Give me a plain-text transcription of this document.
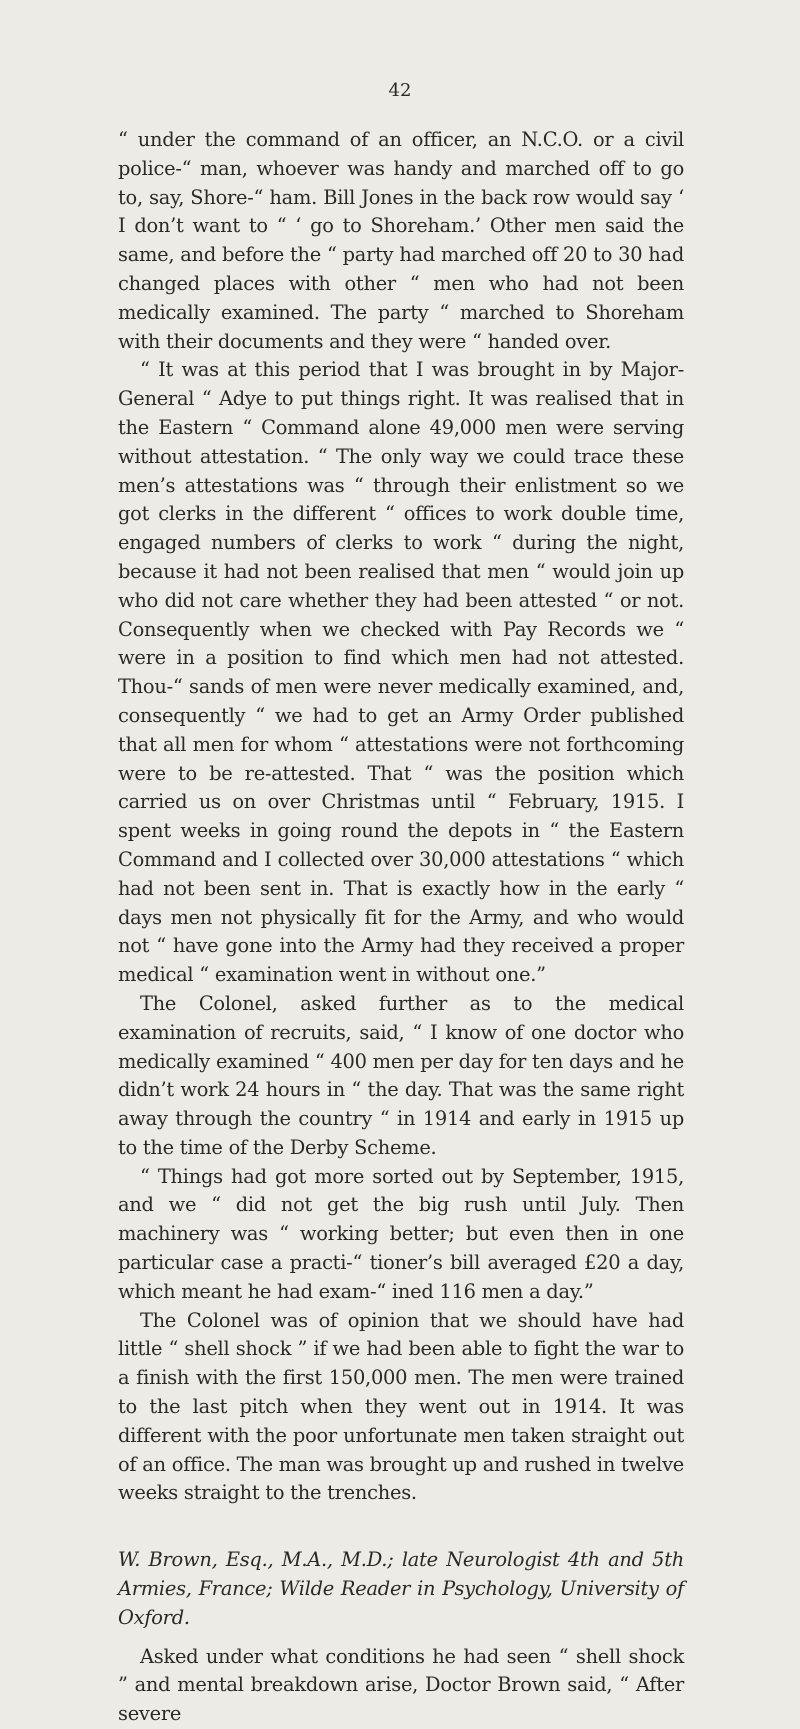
42

“ under the command of an officer, an N.C.O. or a civil police-“ man, whoever was handy and marched off to go to, say, Shore-“ ham. Bill Jones in the back row would say ‘ I don’t want to “ ‘ go to Shoreham.’ Other men said the same, and before the “ party had marched off 20 to 30 had changed places with other “ men who had not been medically examined. The party “ marched to Shoreham with their documents and they were “ handed over.

“ It was at this period that I was brought in by Major-General “ Adye to put things right. It was realised that in the Eastern “ Command alone 49,000 men were serving without attestation. “ The only way we could trace these men’s attestations was “ through their enlistment so we got clerks in the different “ offices to work double time, engaged numbers of clerks to work “ during the night, because it had not been realised that men “ would join up who did not care whether they had been attested “ or not. Consequently when we checked with Pay Records we “ were in a position to find which men had not attested. Thou-“ sands of men were never medically examined, and, consequently “ we had to get an Army Order published that all men for whom “ attestations were not forthcoming were to be re-attested. That “ was the position which carried us on over Christmas until “ February, 1915. I spent weeks in going round the depots in “ the Eastern Command and I collected over 30,000 attestations “ which had not been sent in. That is exactly how in the early “ days men not physically fit for the Army, and who would not “ have gone into the Army had they received a proper medical “ examination went in without one.”

The Colonel, asked further as to the medical examination of recruits, said, “ I know of one doctor who medically examined “ 400 men per day for ten days and he didn’t work 24 hours in “ the day. That was the same right away through the country “ in 1914 and early in 1915 up to the time of the Derby Scheme.

“ Things had got more sorted out by September, 1915, and we “ did not get the big rush until July. Then machinery was “ working better; but even then in one particular case a practi-“ tioner’s bill averaged £20 a day, which meant he had exam-“ ined 116 men a day.”

The Colonel was of opinion that we should have had little “ shell shock ” if we had been able to fight the war to a finish with the first 150,000 men. The men were trained to the last pitch when they went out in 1914. It was different with the poor unfortunate men taken straight out of an office. The man was brought up and rushed in twelve weeks straight to the trenches.

W. Brown, Esq., M.A., M.D.; late Neurologist 4th and 5th Armies, France; Wilde Reader in Psychology, University of Oxford.

Asked under what conditions he had seen “ shell shock ” and mental breakdown arise, Doctor Brown said, “ After severe
